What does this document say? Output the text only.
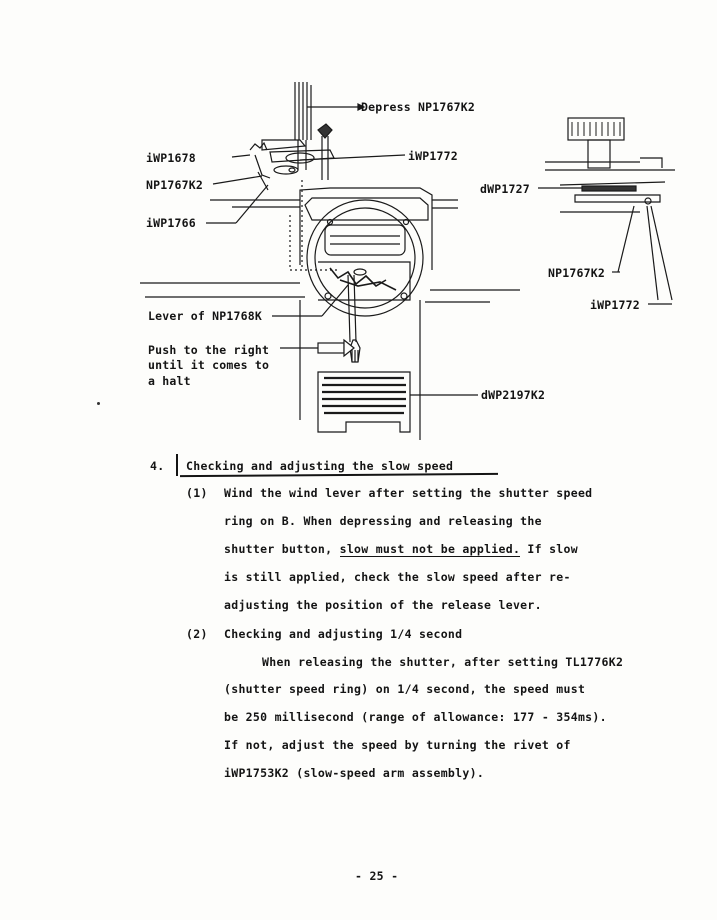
Depress NP1767K2
iWP1678
NP1767K2
iWP1766
iWP1772
dWP1727
NP1767K2
iWP1772
Lever of NP1768K
Push to the right
until it comes to
a halt
dWP2197K2
4. Checking and adjusting the slow speed
(1) Wind the wind lever after setting the shutter speed
ring on B. When depressing and releasing the
shutter button, slow must not be applied. If slow
is still applied, check the slow speed after re-
adjusting the position of the release lever.
(2) Checking and adjusting 1/4 second
When releasing the shutter, after setting TL1776K2
(shutter speed ring) on 1/4 second, the speed must
be 250 millisecond (range of allowance: 177 - 354ms).
If not, adjust the speed by turning the rivet of
iWP1753K2 (slow-speed arm assembly).
- 25 -
